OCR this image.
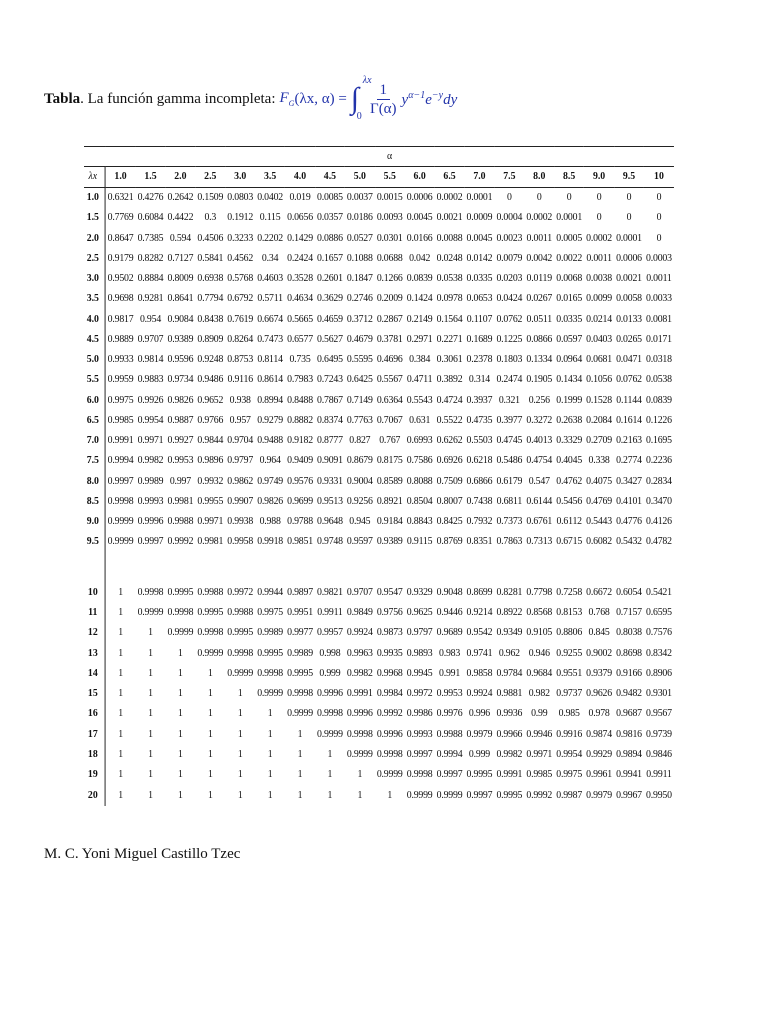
Tabla. La función gamma incompleta: $F_G$ (λx, α) = ∫
λx
$0 \frac{1}{\Gamma(\alpha)} y^{\alpha-1}e^{-y}dy$
	α																		
λx	1.0	1.5	2.0	2.5	3.0	3.5	4.0	4.5	5.0	5.5	6.0	6.5	7.0	7.5	8.0	8.5	9.0	9.5	10
1.0	0.6321	0.4276	0.2642	0.1509	0.0803	0.0402	0.019	0.0085	0.0037	0.0015	0.0006	0.0002	0.0001	0	0	0	0	0	0
1.5	0.7769	0.6084	0.4422	0.3	0.1912	0.115	0.0656	0.0357	0.0186	0.0093	0.0045	0.0021	0.0009	0.0004	0.0002	0.0001	0	0	0
2.0	0.8647	0.7385	0.594	0.4506	0.3233	0.2202	0.1429	0.0886	0.0527	0.0301	0.0166	0.0088	0.0045	0.0023	0.0011	0.0005	0.0002	0.0001	0
2.5	0.9179	0.8282	0.7127	0.5841	0.4562	0.34	0.2424	0.1657	0.1088	0.0688	0.042	0.0248	0.0142	0.0079	0.0042	0.0022	0.0011	0.0006	0.0003
3.0	0.9502	0.8884	0.8009	0.6938	0.5768	0.4603	0.3528	0.2601	0.1847	0.1266	0.0839	0.0538	0.0335	0.0203	0.0119	0.0068	0.0038	0.0021	0.0011
3.5	0.9698	0.9281	0.8641	0.7794	0.6792	0.5711	0.4634	0.3629	0.2746	0.2009	0.1424	0.0978	0.0653	0.0424	0.0267	0.0165	0.0099	0.0058	0.0033
4.0	0.9817	0.954	0.9084	0.8438	0.7619	0.6674	0.5665	0.4659	0.3712	0.2867	0.2149	0.1564	0.1107	0.0762	0.0511	0.0335	0.0214	0.0133	0.0081
4.5	0.9889	0.9707	0.9389	0.8909	0.8264	0.7473	0.6577	0.5627	0.4679	0.3781	0.2971	0.2271	0.1689	0.1225	0.0866	0.0597	0.0403	0.0265	0.0171
5.0	0.9933	0.9814	0.9596	0.9248	0.8753	0.8114	0.735	0.6495	0.5595	0.4696	0.384	0.3061	0.2378	0.1803	0.1334	0.0964	0.0681	0.0471	0.0318
5.5	0.9959	0.9883	0.9734	0.9486	0.9116	0.8614	0.7983	0.7243	0.6425	0.5567	0.4711	0.3892	0.314	0.2474	0.1905	0.1434	0.1056	0.0762	0.0538
6.0	0.9975	0.9926	0.9826	0.9652	0.938	0.8994	0.8488	0.7867	0.7149	0.6364	0.5543	0.4724	0.3937	0.321	0.256	0.1999	0.1528	0.1144	0.0839
6.5	0.9985	0.9954	0.9887	0.9766	0.957	0.9279	0.8882	0.8374	0.7763	0.7067	0.631	0.5522	0.4735	0.3977	0.3272	0.2638	0.2084	0.1614	0.1226
7.0	0.9991	0.9971	0.9927	0.9844	0.9704	0.9488	0.9182	0.8777	0.827	0.767	0.6993	0.6262	0.5503	0.4745	0.4013	0.3329	0.2709	0.2163	0.1695
7.5	0.9994	0.9982	0.9953	0.9896	0.9797	0.964	0.9409	0.9091	0.8679	0.8175	0.7586	0.6926	0.6218	0.5486	0.4754	0.4045	0.338	0.2774	0.2236
8.0	0.9997	0.9989	0.997	0.9932	0.9862	0.9749	0.9576	0.9331	0.9004	0.8589	0.8088	0.7509	0.6866	0.6179	0.547	0.4762	0.4075	0.3427	0.2834
8.5	0.9998	0.9993	0.9981	0.9955	0.9907	0.9826	0.9699	0.9513	0.9256	0.8921	0.8504	0.8007	0.7438	0.6811	0.6144	0.5456	0.4769	0.4101	0.3470
9.0	0.9999	0.9996	0.9988	0.9971	0.9938	0.988	0.9788	0.9648	0.945	0.9184	0.8843	0.8425	0.7932	0.7373	0.6761	0.6112	0.5443	0.4776	0.4126
9.5	0.9999	0.9997	0.9992	0.9981	0.9958	0.9918	0.9851	0.9748	0.9597	0.9389	0.9115	0.8769	0.8351	0.7863	0.7313	0.6715	0.6082	0.5432	0.4782

10	1	0.9998	0.9995	0.9988	0.9972	0.9944	0.9897	0.9821	0.9707	0.9547	0.9329	0.9048	0.8699	0.8281	0.7798	0.7258	0.6672	0.6054	0.5421
11	1	0.9999	0.9998	0.9995	0.9988	0.9975	0.9951	0.9911	0.9849	0.9756	0.9625	0.9446	0.9214	0.8922	0.8568	0.8153	0.768	0.7157	0.6595
12	1	1	0.9999	0.9998	0.9995	0.9989	0.9977	0.9957	0.9924	0.9873	0.9797	0.9689	0.9542	0.9349	0.9105	0.8806	0.845	0.8038	0.7576
13	1	1	1	0.9999	0.9998	0.9995	0.9989	0.998	0.9963	0.9935	0.9893	0.983	0.9741	0.962	0.946	0.9255	0.9002	0.8698	0.8342
14	1	1	1	1	0.9999	0.9998	0.9995	0.999	0.9982	0.9968	0.9945	0.991	0.9858	0.9784	0.9684	0.9551	0.9379	0.9166	0.8906
15	1	1	1	1	1	0.9999	0.9998	0.9996	0.9991	0.9984	0.9972	0.9953	0.9924	0.9881	0.982	0.9737	0.9626	0.9482	0.9301
16	1	1	1	1	1	1	0.9999	0.9998	0.9996	0.9992	0.9986	0.9976	0.996	0.9936	0.99	0.985	0.978	0.9687	0.9567
17	1	1	1	1	1	1	1	0.9999	0.9998	0.9996	0.9993	0.9988	0.9979	0.9966	0.9946	0.9916	0.9874	0.9816	0.9739
18	1	1	1	1	1	1	1	1	0.9999	0.9998	0.9997	0.9994	0.999	0.9982	0.9971	0.9954	0.9929	0.9894	0.9846
19	1	1	1	1	1	1	1	1	1	0.9999	0.9998	0.9997	0.9995	0.9991	0.9985	0.9975	0.9961	0.9941	0.9911
20	1	1	1	1	1	1	1	1	1	1	0.9999	0.9999	0.9997	0.9995	0.9992	0.9987	0.9979	0.9967	0.9950
M. C. Yoni Miguel Castillo Tzec
